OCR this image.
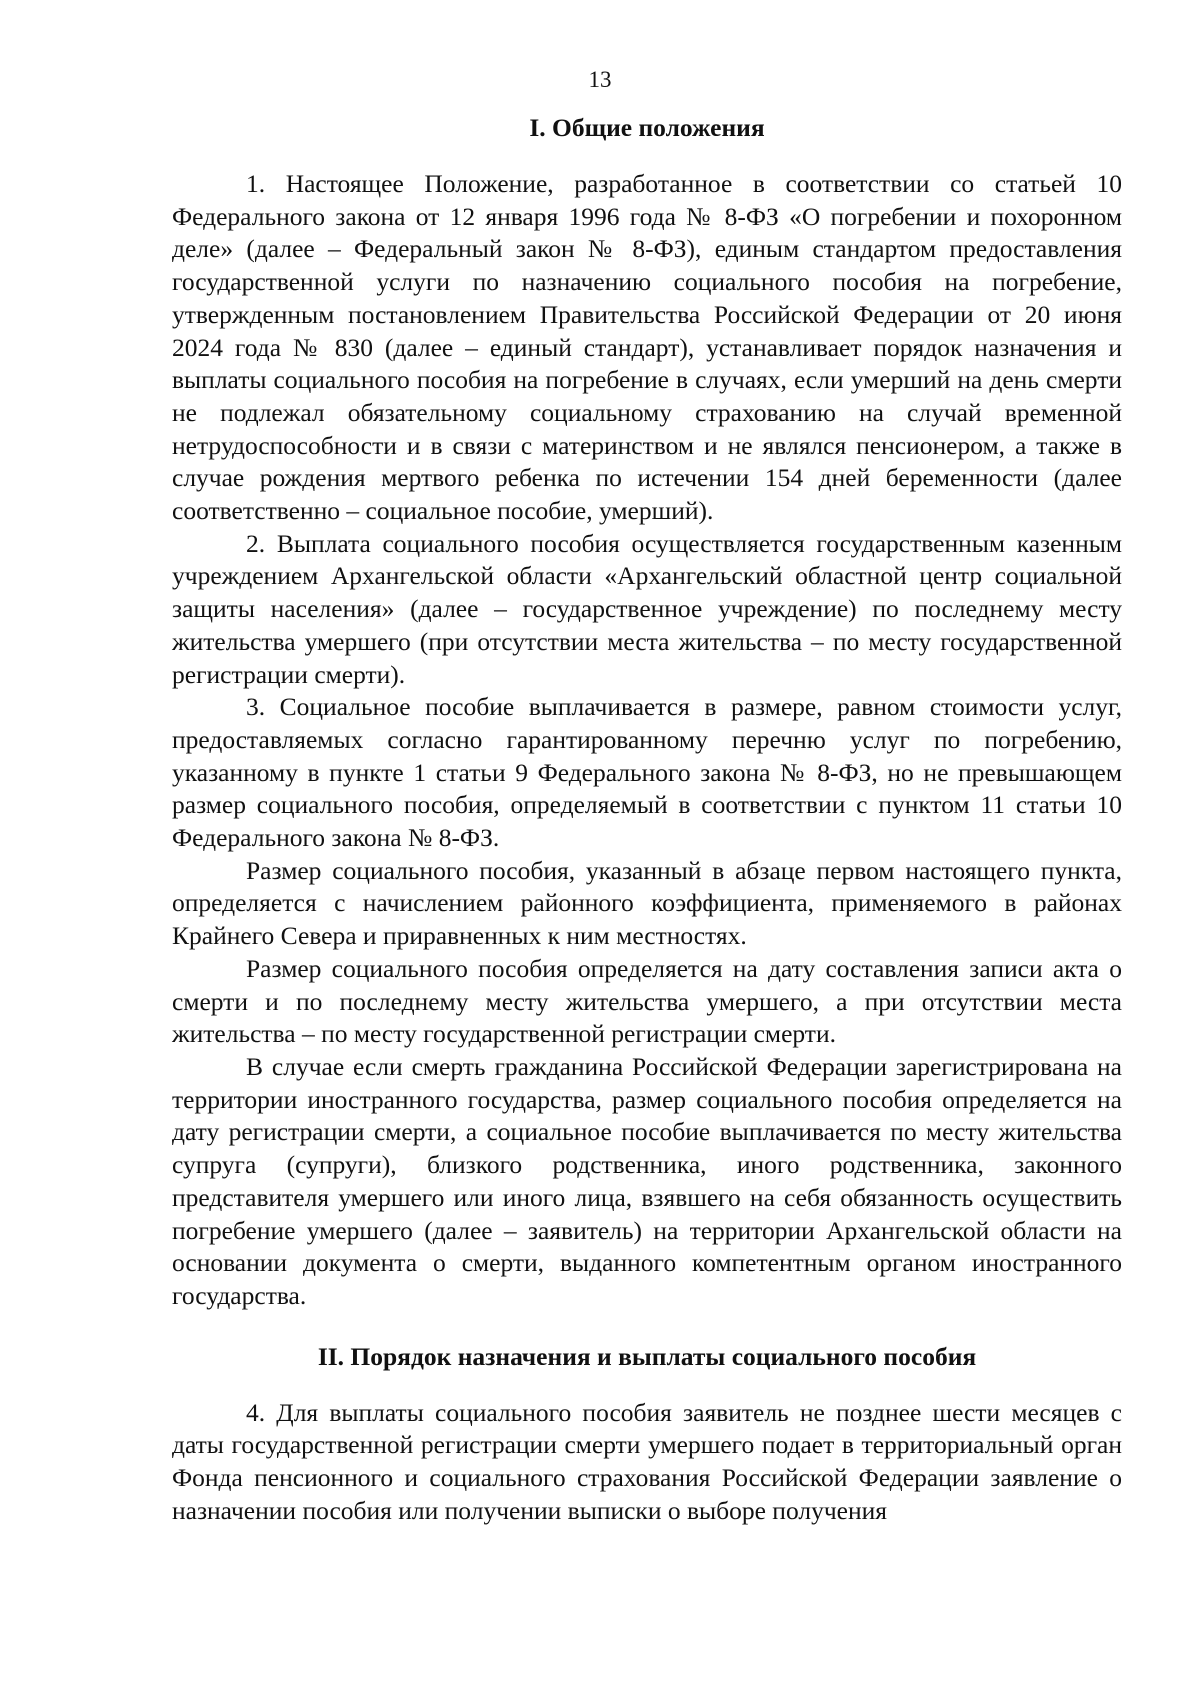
13
I. Общие положения

1. Настоящее Положение, разработанное в соответствии со статьей 10 Федерального закона от 12 января 1996 года № 8-ФЗ «О погребении и похоронном деле» (далее – Федеральный закон № 8-ФЗ), единым стандартом предоставления государственной услуги по назначению социального пособия на погребение, утвержденным постановлением Правительства Российской Федерации от 20 июня 2024 года № 830 (далее – единый стандарт), устанавливает порядок назначения и выплаты социального пособия на погребение в случаях, если умерший на день смерти не подлежал обязательному социальному страхованию на случай временной нетрудоспособности и в связи с материнством и не являлся пенсионером, а также в случае рождения мертвого ребенка по истечении 154 дней беременности (далее соответственно – социальное пособие, умерший).

2. Выплата социального пособия осуществляется государственным казенным учреждением Архангельской области «Архангельский областной центр социальной защиты населения» (далее – государственное учреждение) по последнему месту жительства умершего (при отсутствии места жительства – по месту государственной регистрации смерти).

3. Социальное пособие выплачивается в размере, равном стоимости услуг, предоставляемых согласно гарантированному перечню услуг по погребению, указанному в пункте 1 статьи 9 Федерального закона № 8-ФЗ, но не превышающем размер социального пособия, определяемый в соответствии с пунктом 11 статьи 10 Федерального закона № 8-ФЗ.

Размер социального пособия, указанный в абзаце первом настоящего пункта, определяется с начислением районного коэффициента, применяемого в районах Крайнего Севера и приравненных к ним местностях.

Размер социального пособия определяется на дату составления записи акта о смерти и по последнему месту жительства умершего, а при отсутствии места жительства – по месту государственной регистрации смерти.

В случае если смерть гражданина Российской Федерации зарегистрирована на территории иностранного государства, размер социального пособия определяется на дату регистрации смерти, а социальное пособие выплачивается по месту жительства супруга (супруги), близкого родственника, иного родственника, законного представителя умершего или иного лица, взявшего на себя обязанность осуществить погребение умершего (далее – заявитель) на территории Архангельской области на основании документа о смерти, выданного компетентным органом иностранного государства.

II. Порядок назначения и выплаты социального пособия

4. Для выплаты социального пособия заявитель не позднее шести месяцев с даты государственной регистрации смерти умершего подает в территориальный орган Фонда пенсионного и социального страхования Российской Федерации заявление о назначении пособия или получении выписки о выборе получения
